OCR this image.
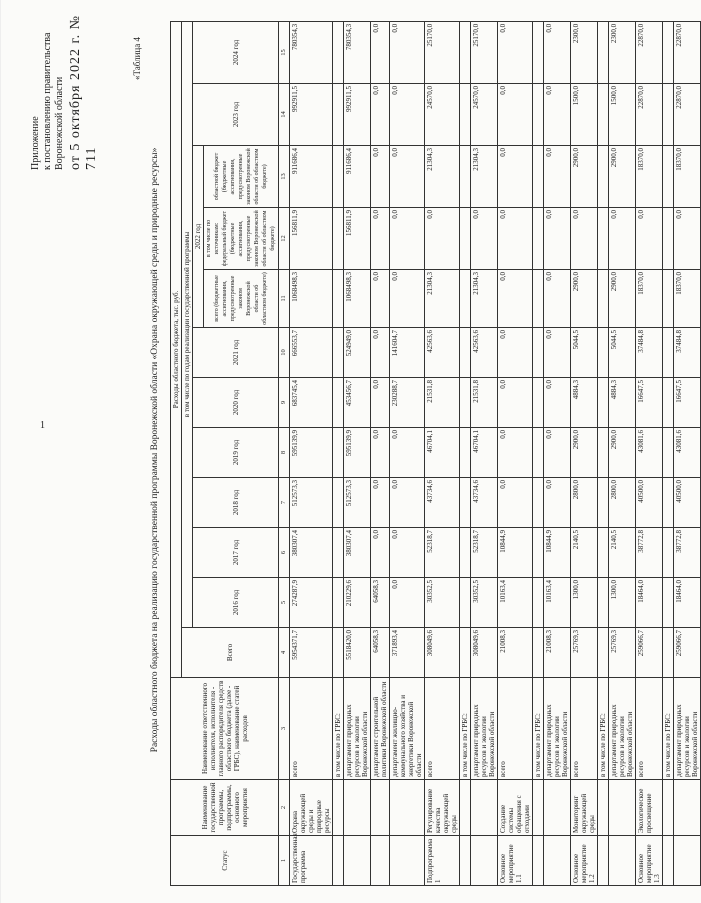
1
Приложение к постановлению правительства Воронежской области от 5 октября 2022 г. № 711
«Таблица 4
Расходы областного бюджета на реализацию государственной программы Воронежской области «Охрана окружающей среды и природные ресурсы»
Статус	Наименование государственной программы, подпрограммы, основного мероприятия	Наименование ответственного исполнителя, исполнителя - главного распорядителя средств областного бюджета (далее - ГРБС), наименование статей расходов	Расходы областного бюджета, тыс. руб.											
			Всего	в том числе по годам реализации государственной программы										
				2016 год	2017 год	2018 год	2019 год	2020 год	2021 год	2022 год			2023 год	2024 год
										всего (бюджетные ассигнования, предусмотренные законом Воронежской области об областном бюджете)	в том числе по источникам: федеральный бюджет (бюджетные ассигнования, предусмотренные законом Воронежской области об областном бюджете)	областной бюджет (бюджетные ассигнования, предусмотренные законом Воронежской области об областном бюджете)		
1	2	3	4	5	6	7	8	9	10	11	12	13	14	15
Государственная программа	Охрана окружающей среды и природные ресурсы	всего	5954371,7	274287,9	380307,4	512573,3	595139,9	683745,4	666553,7	1068498,3	156811,9	911686,4	992911,5	780354,3
		в том числе по ГРБС:												
		департамент природных ресурсов и экологии Воронежской области	5518420,0	210229,6	380307,4	512573,3	595139,9	453456,7	524949,0	1068498,3	156811,9	911686,4	992911,5	780354,3
		департамент строительной политики Воронежской области	64058,3	64058,3	0,0	0,0	0,0	0,0	0,0	0,0	0,0	0,0	0,0	0,0
		департамент жилищно-коммунального хозяйства и энергетики Воронежской области	371893,4	0,0	0,0	0,0	0,0	230288,7	141604,7	0,0	0,0	0,0	0,0	0,0
Подпрограмма 1	Регулирование качества окружающей среды	всего	308049,6	30352,5	52318,7	43734,6	46704,1	21531,8	42563,6	21304,3	0,0	21304,3	24570,0	25170,0
		в том числе по ГРБС:												
		департамент природных ресурсов и экологии Воронежской области	308049,6	30352,5	52318,7	43734,6	46704,1	21531,8	42563,6	21304,3	0,0	21304,3	24570,0	25170,0
Основное мероприятие 1.1	Создание системы обращения с отходами	всего	21008,3	10163,4	10844,9	0,0	0,0	0,0	0,0	0,0	0,0	0,0	0,0	0,0
		в том числе по ГРБС:												
		департамент природных ресурсов и экологии Воронежской области	21008,3	10163,4	10844,9	0,0	0,0	0,0	0,0	0,0	0,0	0,0	0,0	0,0
Основное мероприятие 1.2	Мониторинг окружающей среды	всего	25769,3	1300,0	2140,5	2800,0	2900,0	4884,3	5044,5	2900,0	0,0	2900,0	1500,0	2300,0
		в том числе по ГРБС:												
		департамент природных ресурсов и экологии Воронежской области	25769,3	1300,0	2140,5	2800,0	2900,0	4884,3	5044,5	2900,0	0,0	2900,0	1500,0	2300,0
Основное мероприятие 1.3	Экологическое просвещение	всего	259066,7	18464,0	38772,8	40500,0	43081,6	16647,5	37484,8	18370,0	0,0	18370,0	22870,0	22870,0
		в том числе по ГРБС:												
		департамент природных ресурсов и экологии Воронежской области	259066,7	18464,0	38772,8	40500,0	43081,6	16647,5	37484,8	18370,0	0,0	18370,0	22870,0	22870,0
